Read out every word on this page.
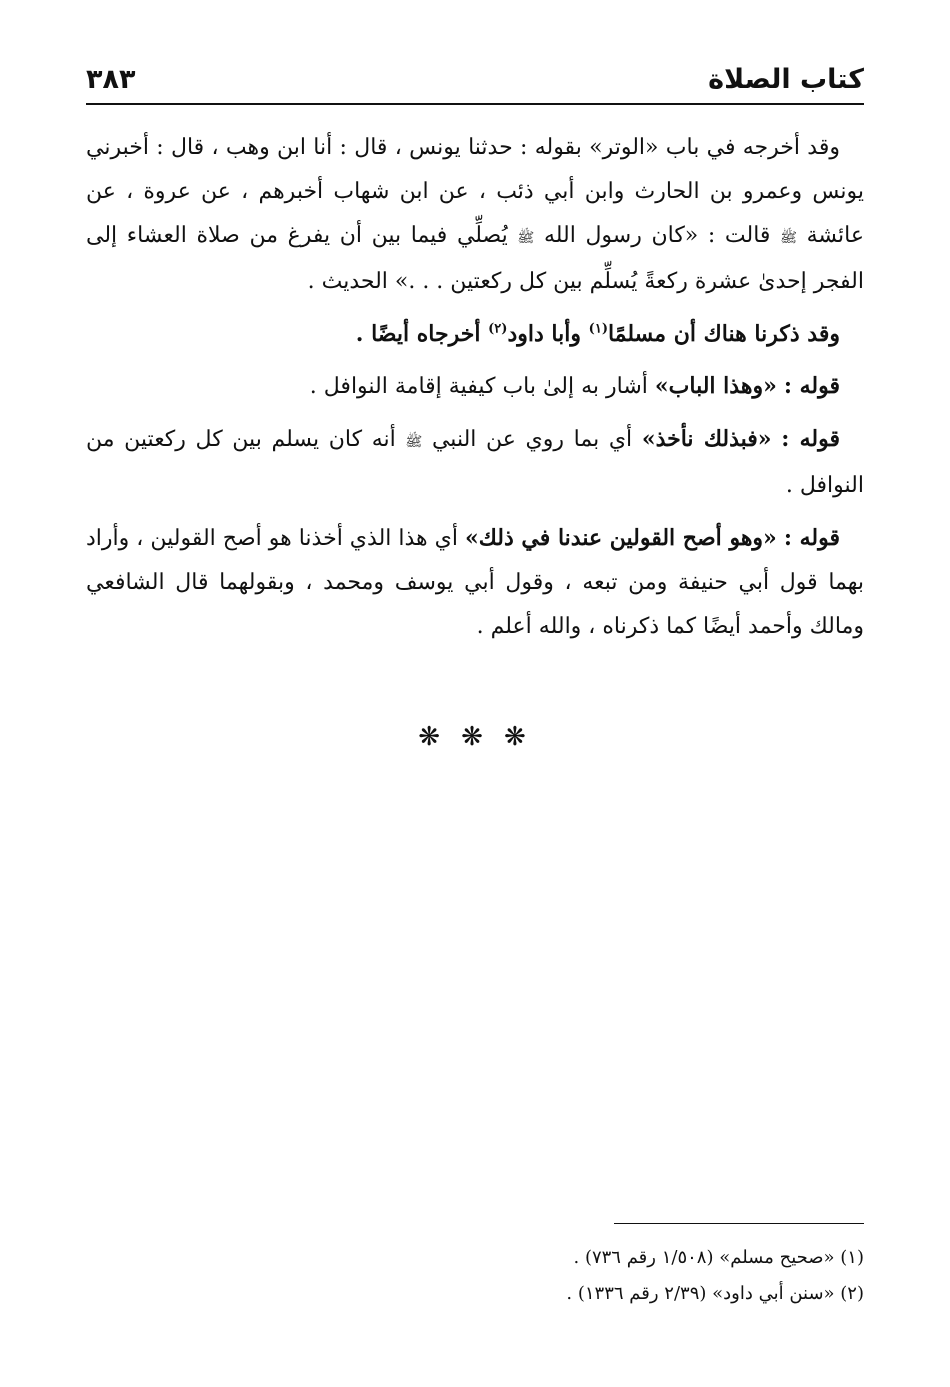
كتاب الصلاة
٣٨٣

وقد أخرجه في باب «الوتر» بقوله : حدثنا يونس ، قال : أنا ابن وهب ، قال : أخبرني يونس وعمرو بن الحارث وابن أبي ذئب ، عن ابن شهاب أخبرهم ، عن عروة ، عن عائشة ﷺ قالت : «كان رسول الله ﷺ يُصلِّي فيما بين أن يفرغ من صلاة العشاء إلى الفجر إحدىٰ عشرة ركعةً يُسلِّم بين كل ركعتين . . .» الحديث .

وقد ذكرنا هناك أن مسلمًا$^{(١)}$ وأبا داود$^{(٢)}$ أخرجاه أيضًا .

قوله : «وهذا الباب» أشار به إلىٰ باب كيفية إقامة النوافل .

قوله : «فبذلك نأخذ» أي بما روي عن النبي ﷺ أنه كان يسلم بين كل ركعتين من النوافل .

قوله : «وهو أصح القولين عندنا في ذلك» أي هذا الذي أخذنا هو أصح القولين ، وأراد بهما قول أبي حنيفة ومن تبعه ، وقول أبي يوسف ومحمد ، وبقولهما قال الشافعي ومالك وأحمد أيضًا كما ذكرناه ، والله أعلم .

❋ ❋ ❋

(١) «صحيح مسلم» (١/٥٠٨ رقم ٧٣٦) .

(٢) «سنن أبي داود» (٢/٣٩ رقم ١٣٣٦) .
